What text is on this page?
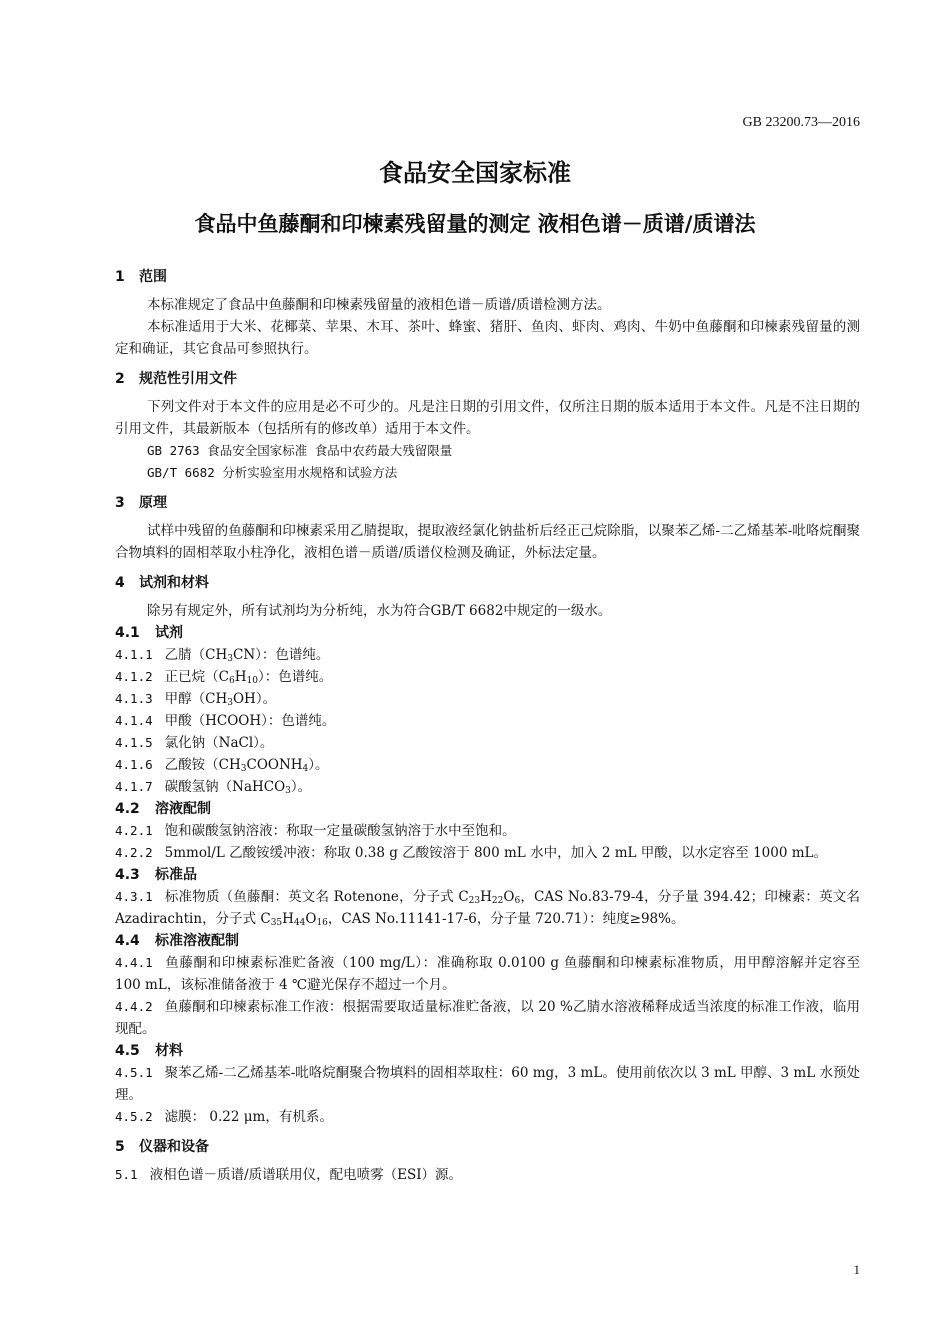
GB 23200.73—2016
食品安全国家标准
食品中鱼藤酮和印楝素残留量的测定 液相色谱－质谱/质谱法
1 范围

本标准规定了食品中鱼藤酮和印楝素残留量的液相色谱－质谱/质谱检测方法。

本标准适用于大米、花椰菜、苹果、木耳、茶叶、蜂蜜、猪肝、鱼肉、虾肉、鸡肉、牛奶中鱼藤酮和印楝素残留量的测定和确证，其它食品可参照执行。

2 规范性引用文件

下列文件对于本文件的应用是必不可少的。凡是注日期的引用文件，仅所注日期的版本适用于本文件。凡是不注日期的引用文件，其最新版本（包括所有的修改单）适用于本文件。

GB 2763 食品安全国家标准 食品中农药最大残留限量

GB/T 6682 分析实验室用水规格和试验方法

3 原理

试样中残留的鱼藤酮和印楝素采用乙腈提取，提取液经氯化钠盐析后经正己烷除脂，以聚苯乙烯-二乙烯基苯-吡咯烷酮聚合物填料的固相萃取小柱净化，液相色谱－质谱/质谱仪检测及确证，外标法定量。

4 试剂和材料

除另有规定外，所有试剂均为分析纯，水为符合GB/T 6682中规定的一级水。

4.1 试剂

4.1.1 乙腈$(CH_3CN)$：色谱纯。

4.1.2 正已烷$(C_6H_{10})$：色谱纯。

4.1.3 甲醇$(CH_3OH)$。

4.1.4 甲酸（HCOOH）：色谱纯。

4.1.5 氯化钠（NaCl）。

4.1.6 乙酸铵$(CH_3COONH_4)$。

4.1.7 碳酸氢钠（NaHCO$_3$）。

4.2 溶液配制

4.2.1 饱和碳酸氢钠溶液：称取一定量碳酸氢钠溶于水中至饱和。

4.2.2 5mmol/L 乙酸铵缓冲液：称取 0.38 g 乙酸铵溶于 800 mL 水中，加入 2 mL 甲酸，以水定容至 1000 mL。

4.3 标准品

4.3.1 标准物质（鱼藤酮：英文名 Rotenone，分子式 $C_{23}H_{22}O_6$，CAS No.83-79-4，分子量 394.42；印楝素：英文名 Azadirachtin，分子式 $C_{35}H_{44}O_{16}$，CAS No.11141-17-6，分子量 720.71）：纯度≥98%。

4.4 标准溶液配制

4.4.1 鱼藤酮和印楝素标准贮备液（100 mg/L）：准确称取 0.0100 g 鱼藤酮和印楝素标准物质，用甲醇溶解并定容至 100 mL，该标准储备液于 4 ℃避光保存不超过一个月。

4.4.2 鱼藤酮和印楝素标准工作液：根据需要取适量标准贮备液，以 20 %乙腈水溶液稀释成适当浓度的标准工作液，临用现配。

4.5 材料

4.5.1 聚苯乙烯-二乙烯基苯-吡咯烷酮聚合物填料的固相萃取柱：60 mg，3 mL。使用前依次以 3 mL 甲醇、3 mL 水预处理。

4.5.2 滤膜： 0.22 μm，有机系。

5 仪器和设备

5.1 液相色谱－质谱/质谱联用仪，配电喷雾（ESI）源。

1
